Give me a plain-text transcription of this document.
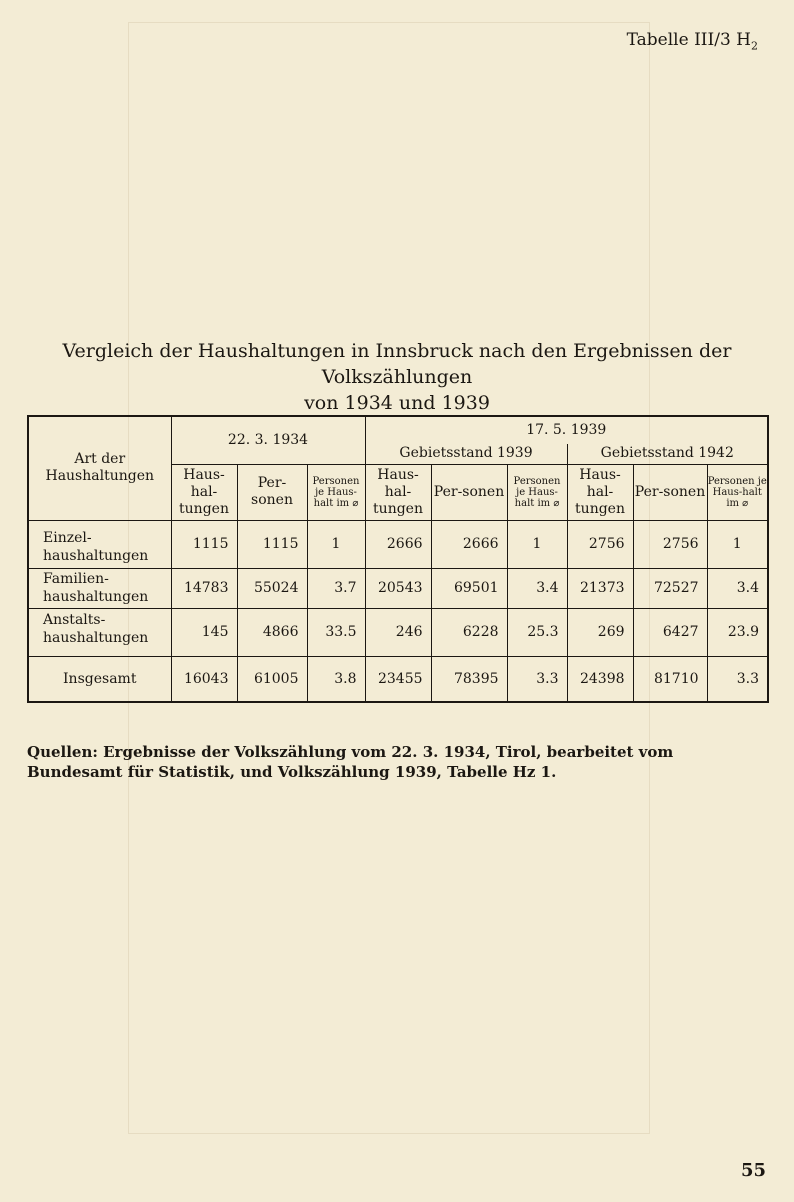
Tabelle III/3 $H_2$
Vergleich der Haushaltungen in Innsbruck nach den Ergebnissen der Volkszählungen
von 1934 und 1939
Art der Haushaltungen	22. 3. 1934			17. 5. 1939					
				Gebietsstand 1939			Gebietsstand 1942		
	Haus-hal-tungen	Per-sonen	Personen je Haus-halt im ⌀	Haus-hal-tungen	Per-sonen	Personen je Haus-halt im ⌀	Haus-hal-tungen	Per-sonen	Personen je Haus-halt im ⌀
Einzel-haushaltungen	1115	1115	1	2666	2666	1	2756	2756	1
Familien-haushaltungen	14783	55024	3.7	20543	69501	3.4	21373	72527	3.4
Anstalts-haushaltungen	145	4866	33.5	246	6228	25.3	269	6427	23.9
Insgesamt	16043	61005	3.8	23455	78395	3.3	24398	81710	3.3
Quellen: Ergebnisse der Volkszählung vom 22. 3. 1934, Tirol, bearbeitet vom Bundesamt für Statistik, und Volkszählung 1939, Tabelle Hz 1.
55
